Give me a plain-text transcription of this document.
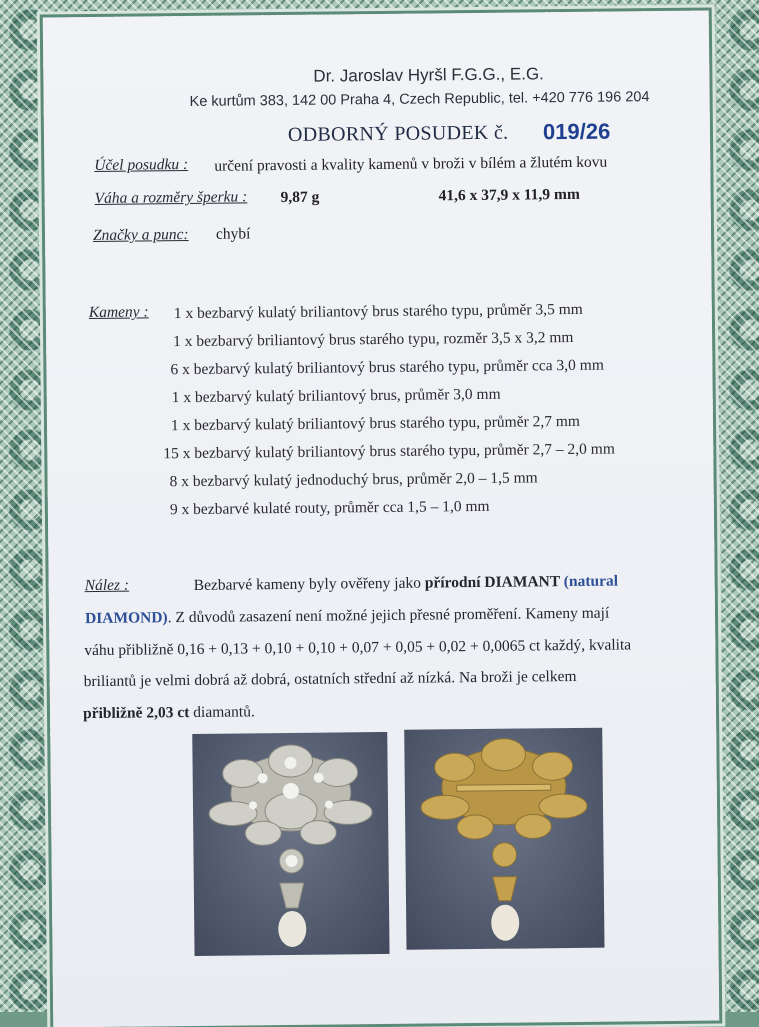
Dr. Jaroslav Hyršl F.G.G., E.G.
Ke kurtům 383, 142 00 Praha 4, Czech Republic, tel. +420 776 196 204
ODBORNÝ POSUDEK č. 019/26
Účel posudku : určení pravosti a kvality kamenů v broži v bílém a žlutém kovu
Váha a rozměry šperku : 9,87 g	41,6 x 37,9 x 11,9 mm
Značky a punc: chybí
Kameny : 1 x bezbarvý kulatý briliantový brus starého typu, průměr 3,5 mm
1 x bezbarvý briliantový brus starého typu, rozměr 3,5 x 3,2 mm
6 x bezbarvý kulatý briliantový brus starého typu, průměr cca 3,0 mm
1 x bezbarvý kulatý briliantový brus, průměr 3,0 mm
1 x bezbarvý kulatý briliantový brus starého typu, průměr 2,7 mm
15 x bezbarvý kulatý briliantový brus starého typu, průměr 2,7 – 2,0 mm
8 x bezbarvý kulatý jednoduchý brus, průměr 2,0 – 1,5 mm
9 x bezbarvé kulaté routy, průměr cca 1,5 – 1,0 mm
Nález :	Bezbarvé kameny byly ověřeny jako přírodní DIAMANT (natural
DIAMOND). Z důvodů zasazení není možné jejich přesné proměření. Kameny mají
váhu přibližně 0,16 + 0,13 + 0,10 + 0,10 + 0,07 + 0,05 + 0,02 + 0,0065 ct každý, kvalita
briliantů je velmi dobrá až dobrá, ostatních střední až nízká. Na broži je celkem
přibližně 2,03 ct diamantů.
